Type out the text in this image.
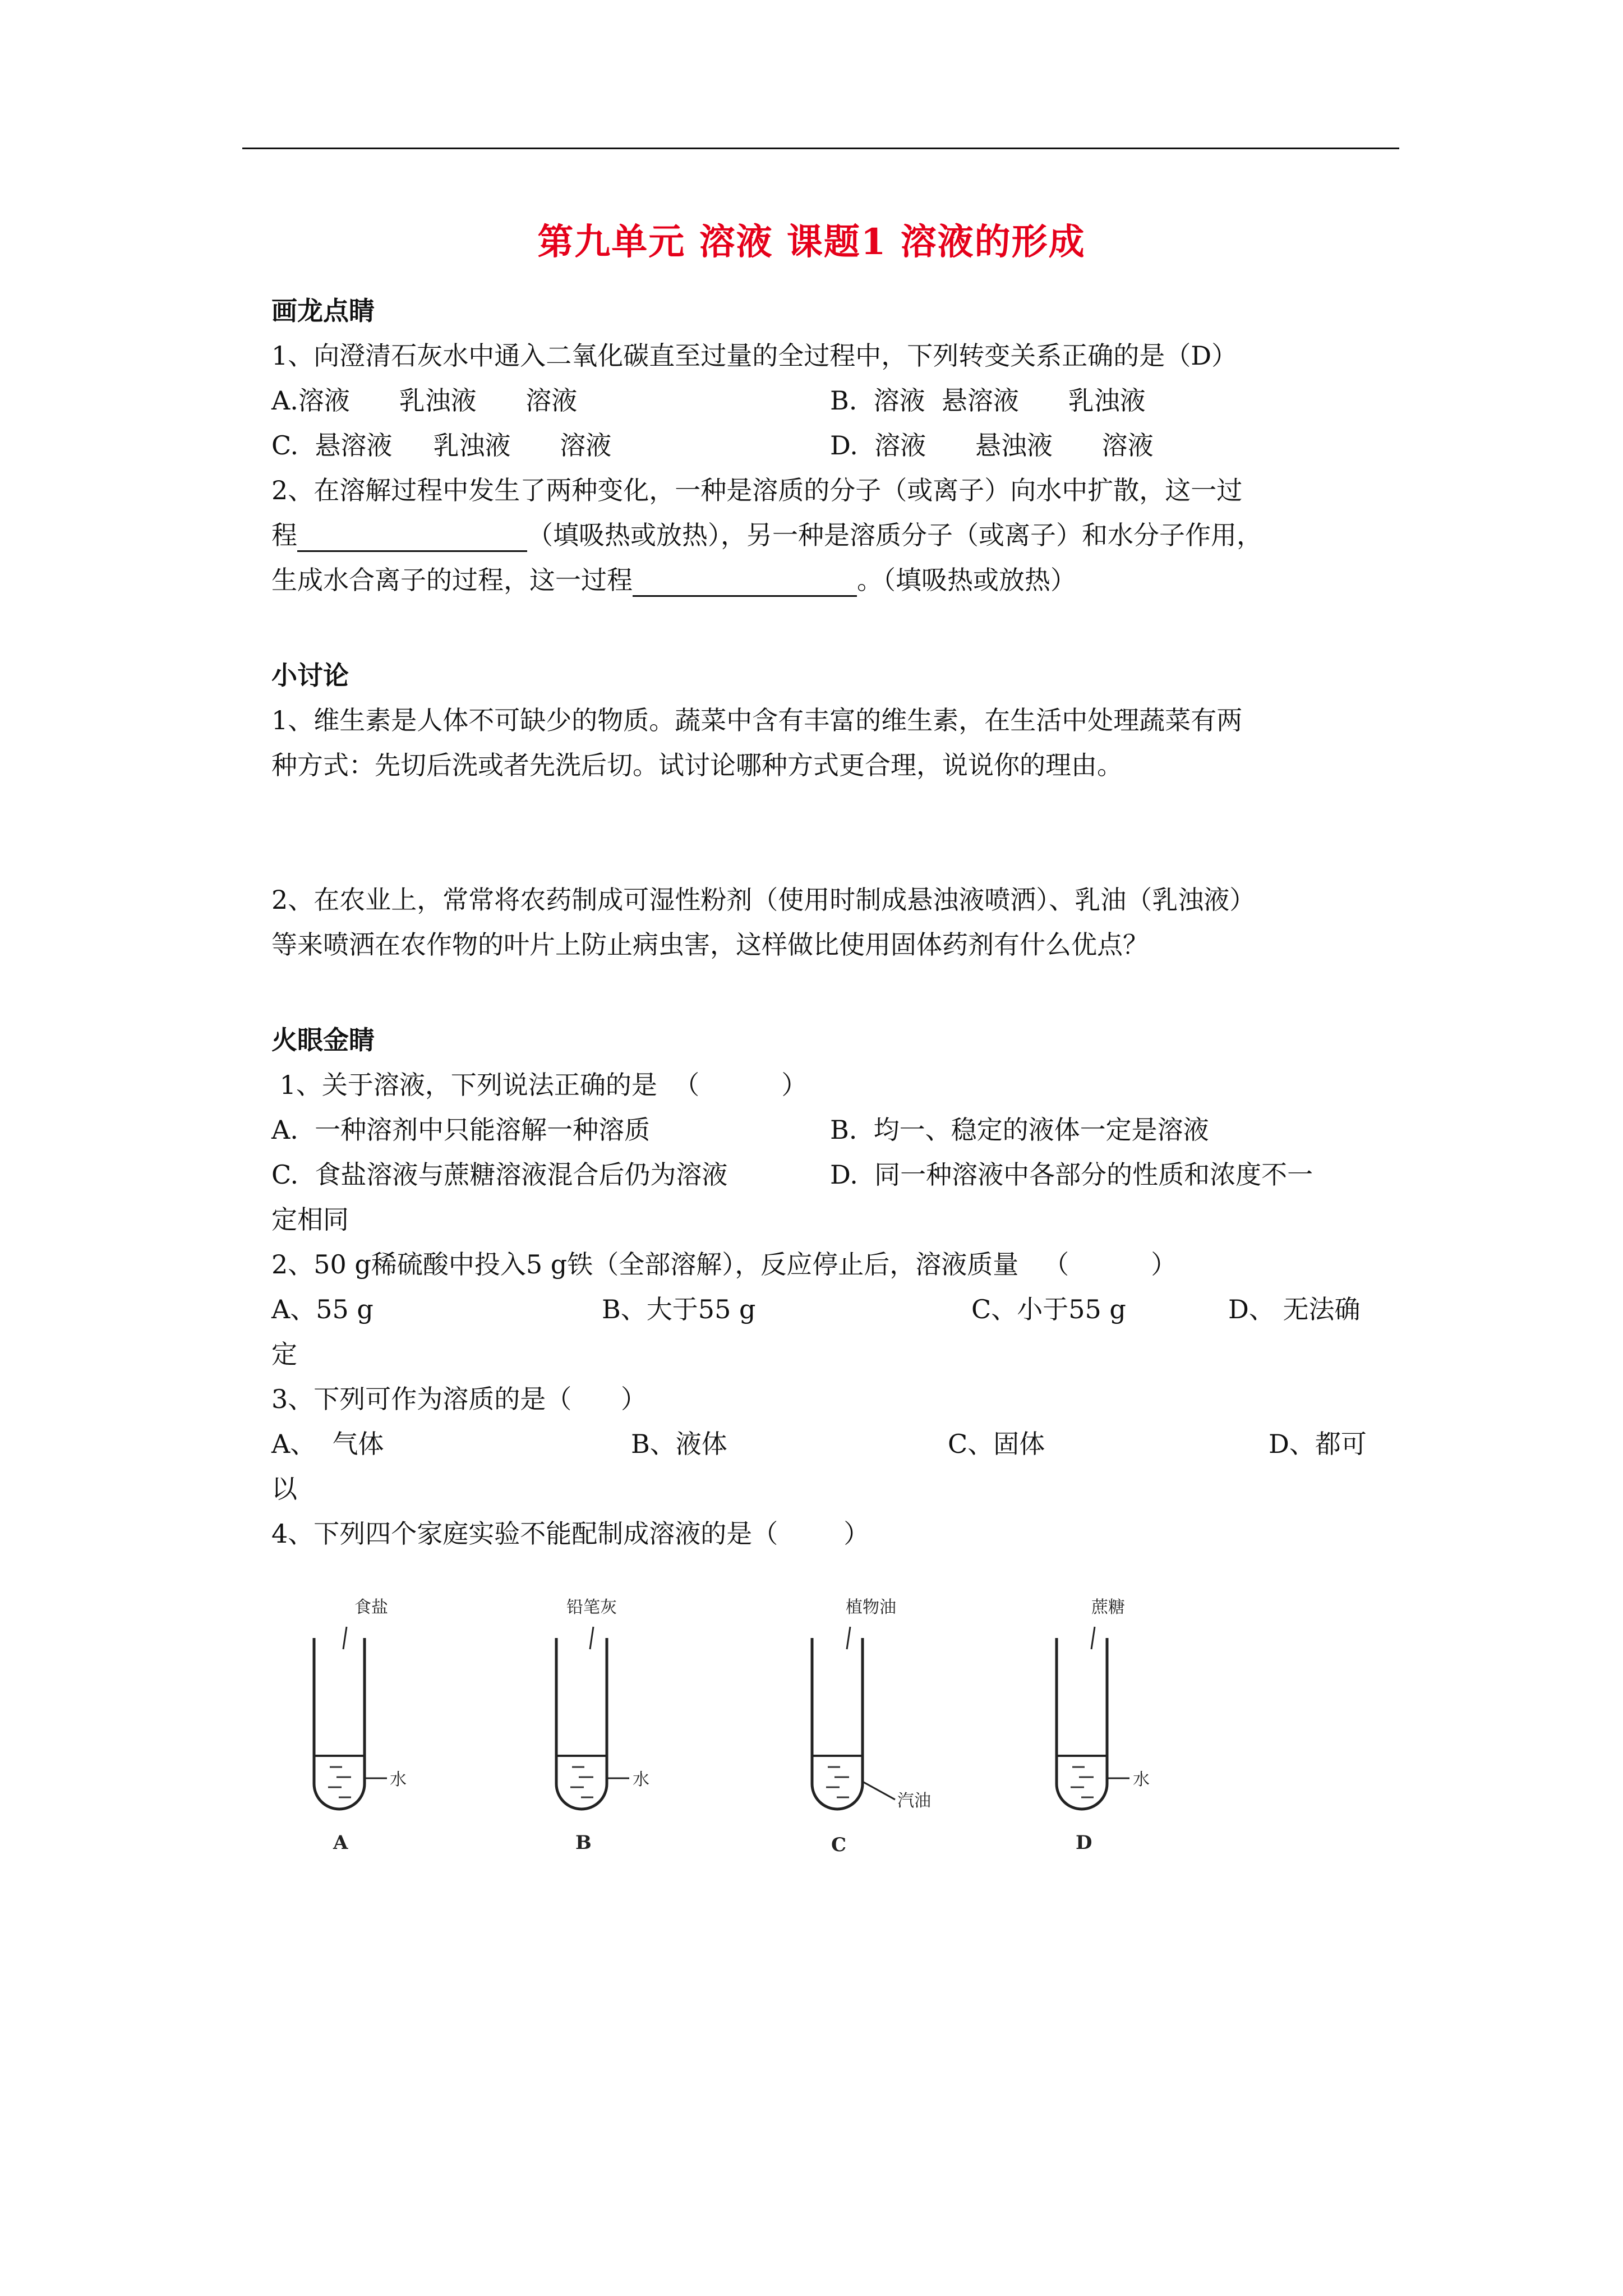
第九单元 溶液 课题1 溶液的形成
画龙点睛
1、向澄清石灰水中通入二氧化碳直至过量的全过程中，下列转变关系正确的是（D）
A.溶液      乳浊液      溶液	B.  溶液  悬溶液      乳浊液
C.  悬溶液     乳浊液      溶液	D.  溶液      悬浊液      溶液
2、在溶解过程中发生了两种变化，一种是溶质的分子（或离子）向水中扩散，这一过
程	（填吸热或放热），另一种是溶质分子（或离子）和水分子作用，
生成水合离子的过程，这一过程	。（填吸热或放热）
小讨论
1、维生素是人体不可缺少的物质。蔬菜中含有丰富的维生素，在生活中处理蔬菜有两
种方式：先切后洗或者先洗后切。试讨论哪种方式更合理，说说你的理由。
2、在农业上，常常将农药制成可湿性粉剂（使用时制成悬浊液喷洒）、乳油（乳浊液）
等来喷洒在农作物的叶片上防止病虫害，这样做比使用固体药剂有什么优点？
火眼金睛
1、关于溶液，下列说法正确的是  （          ）
A.  一种溶剂中只能溶解一种溶质	B.  均一、稳定的液体一定是溶液
C.  食盐溶液与蔗糖溶液混合后仍为溶液	D.  同一种溶液中各部分的性质和浓度不一
定相同
2、50 g稀硫酸中投入5 g铁（全部溶解），反应停止后，溶液质量   （          ）
A、55 g	B、大于55 g	C、小于55 g	D、 无法确
定
3、下列可作为溶质的是（      ）
A、  气体	B、液体	C、固体	D、都可
以
4、下列四个家庭实验不能配制成溶液的是（        ）
食盐
水
A
铅笔灰
水
B
植物油
汽油
C
蔗糖
水
D
